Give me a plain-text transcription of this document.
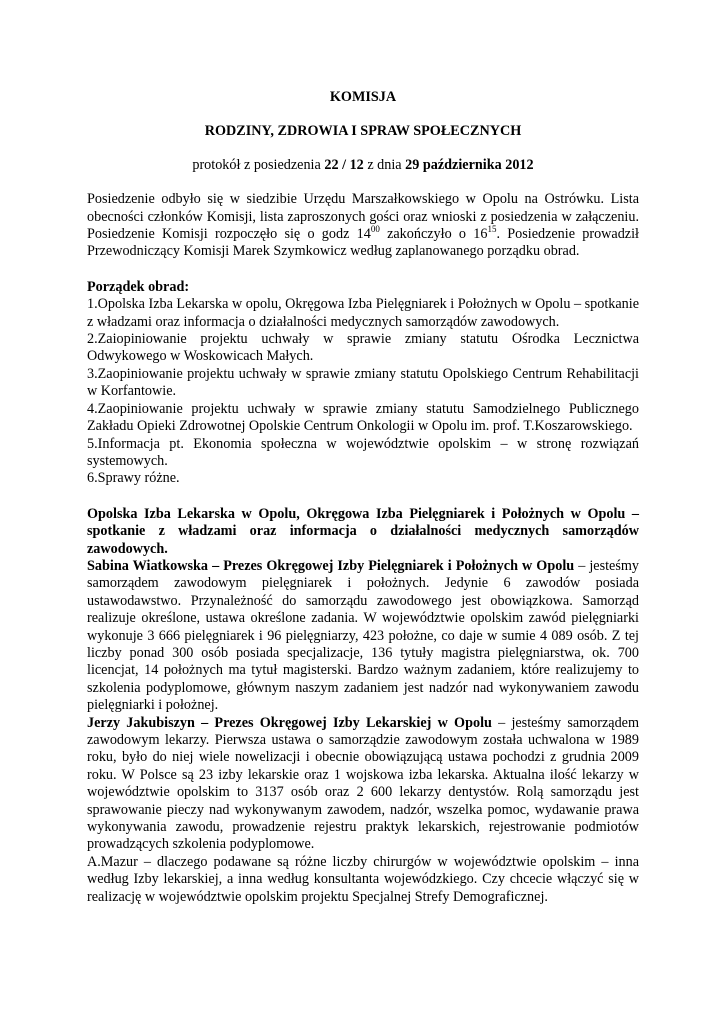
KOMISJA

RODZINY, ZDROWIA I SPRAW SPOŁECZNYCH

protokół z posiedzenia 22 / 12 z dnia 29 października 2012

Posiedzenie odbyło się w siedzibie Urzędu Marszałkowskiego w Opolu na Ostrówku. Lista obecności członków Komisji, lista zaproszonych gości oraz wnioski z posiedzenia w załączeniu. Posiedzenie Komisji rozpoczęło się o godz $14^{00}$ zakończyło o $16^{15}$. Posiedzenie prowadził Przewodniczący Komisji Marek Szymkowicz według zaplanowanego porządku obrad.

Porządek obrad:

1.Opolska Izba Lekarska w opolu, Okręgowa Izba Pielęgniarek i Położnych w Opolu – spotkanie z władzami oraz informacja o działalności medycznych samorządów zawodowych.

2.Zaiopiniowanie projektu uchwały w sprawie zmiany statutu Ośrodka Lecznictwa Odwykowego w Woskowicach Małych.

3.Zaopiniowanie projektu uchwały w sprawie zmiany statutu Opolskiego Centrum Rehabilitacji w Korfantowie.

4.Zaopiniowanie projektu uchwały w sprawie zmiany statutu Samodzielnego Publicznego Zakładu Opieki Zdrowotnej Opolskie Centrum Onkologii w Opolu im. prof. T.Koszarowskiego.

5.Informacja pt. Ekonomia społeczna w województwie opolskim – w stronę rozwiązań systemowych.

6.Sprawy różne.

Opolska Izba Lekarska w Opolu, Okręgowa Izba Pielęgniarek i Położnych w Opolu – spotkanie z władzami oraz informacja o działalności medycznych samorządów zawodowych.

Sabina Wiatkowska – Prezes Okręgowej Izby Pielęgniarek i Położnych w Opolu – jesteśmy samorządem zawodowym pielęgniarek i położnych. Jedynie 6 zawodów posiada ustawodawstwo. Przynależność do samorządu zawodowego jest obowiązkowa. Samorząd realizuje określone, ustawa określone zadania. W województwie opolskim zawód pielęgniarki wykonuje 3 666 pielęgniarek i 96 pielęgniarzy, 423 położne, co daje w sumie 4 089 osób. Z tej liczby ponad 300 osób posiada specjalizacje, 136 tytuły magistra pielęgniarstwa, ok. 700 licencjat, 14 położnych ma tytuł magisterski. Bardzo ważnym zadaniem, które realizujemy to szkolenia podyplomowe, głównym naszym zadaniem jest nadzór nad wykonywaniem zawodu pielęgniarki i położnej.

Jerzy Jakubiszyn – Prezes Okręgowej Izby Lekarskiej w Opolu – jesteśmy samorządem zawodowym lekarzy. Pierwsza ustawa o samorządzie zawodowym została uchwalona w 1989 roku, było do niej wiele nowelizacji i obecnie obowiązującą ustawa pochodzi z grudnia 2009 roku. W Polsce są 23 izby lekarskie oraz 1 wojskowa izba lekarska. Aktualna ilość lekarzy w województwie opolskim to 3137 osób oraz 2 600 lekarzy dentystów. Rolą samorządu jest sprawowanie pieczy nad wykonywanym zawodem, nadzór, wszelka pomoc, wydawanie prawa wykonywania zawodu, prowadzenie rejestru praktyk lekarskich, rejestrowanie podmiotów prowadzących szkolenia podyplomowe.

A.Mazur – dlaczego podawane są różne liczby chirurgów w województwie opolskim – inna według Izby lekarskiej, a inna według konsultanta wojewódzkiego. Czy chcecie włączyć się w realizację w województwie opolskim projektu Specjalnej Strefy Demograficznej.
